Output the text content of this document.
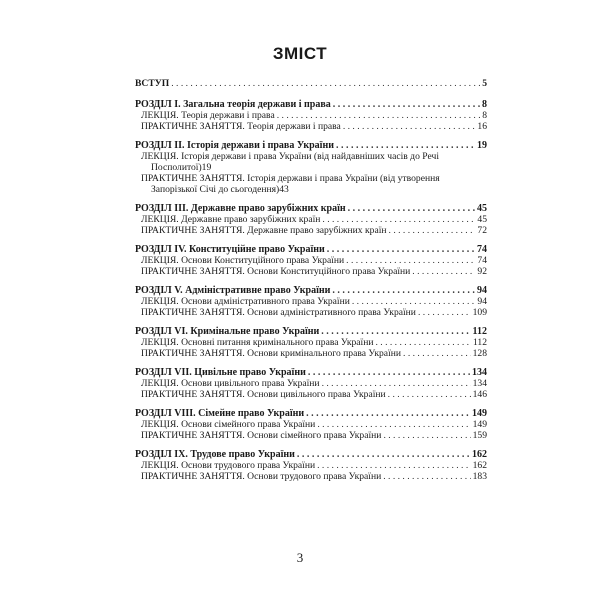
ЗМІСТ
ВСТУП . . .	5
РОЗДІЛ І. Загальна теорія держави і права . . .	8
ЛЕКЦІЯ. Теорія держави і права . . .	8
ПРАКТИЧНЕ ЗАНЯТТЯ. Теорія держави і права . . .	16
РОЗДІЛ ІІ. Історія держави і права України . . .	19
ЛЕКЦІЯ. Історія держави і права України (від найдавніших часів до Речі
Посполитої) 19
ПРАКТИЧНЕ ЗАНЯТТЯ. Історія держави і права України (від утворення
Запорізької Січі до сьогодення) 43
РОЗДІЛ ІІІ. Державне право зарубіжних країн . . .	45
ЛЕКЦІЯ. Державне право зарубіжних країн . . .	45
ПРАКТИЧНЕ ЗАНЯТТЯ. Державне право зарубіжних країн . . .	72
РОЗДІЛ IV. Конституційне право України . . .	74
ЛЕКЦІЯ. Основи Конституційного права України . . .	74
ПРАКТИЧНЕ ЗАНЯТТЯ. Основи Конституційного права України . . .	92
РОЗДІЛ V. Адміністративне право України . . .	94
ЛЕКЦІЯ. Основи адміністративного права України . . .	94
ПРАКТИЧНЕ ЗАНЯТТЯ. Основи адміністративного права України . . .	109
РОЗДІЛ VI. Кримінальне право України . . .	112
ЛЕКЦІЯ. Основні питання кримінального права України . . .	112
ПРАКТИЧНЕ ЗАНЯТТЯ. Основи кримінального права України . . .	128
РОЗДІЛ VII. Цивільне право України . . .	134
ЛЕКЦІЯ. Основи цивільного права України . . .	134
ПРАКТИЧНЕ ЗАНЯТТЯ. Основи цивільного права України . . .	146
РОЗДІЛ VIII. Сімейне право України . . .	149
ЛЕКЦІЯ. Основи сімейного права України . . .	149
ПРАКТИЧНЕ ЗАНЯТТЯ. Основи сімейного права України . . .	159
РОЗДІЛ ІХ. Трудове право України . . .	162
ЛЕКЦІЯ. Основи трудового права України . . .	162
ПРАКТИЧНЕ ЗАНЯТТЯ. Основи трудового права України . . .	183
3
